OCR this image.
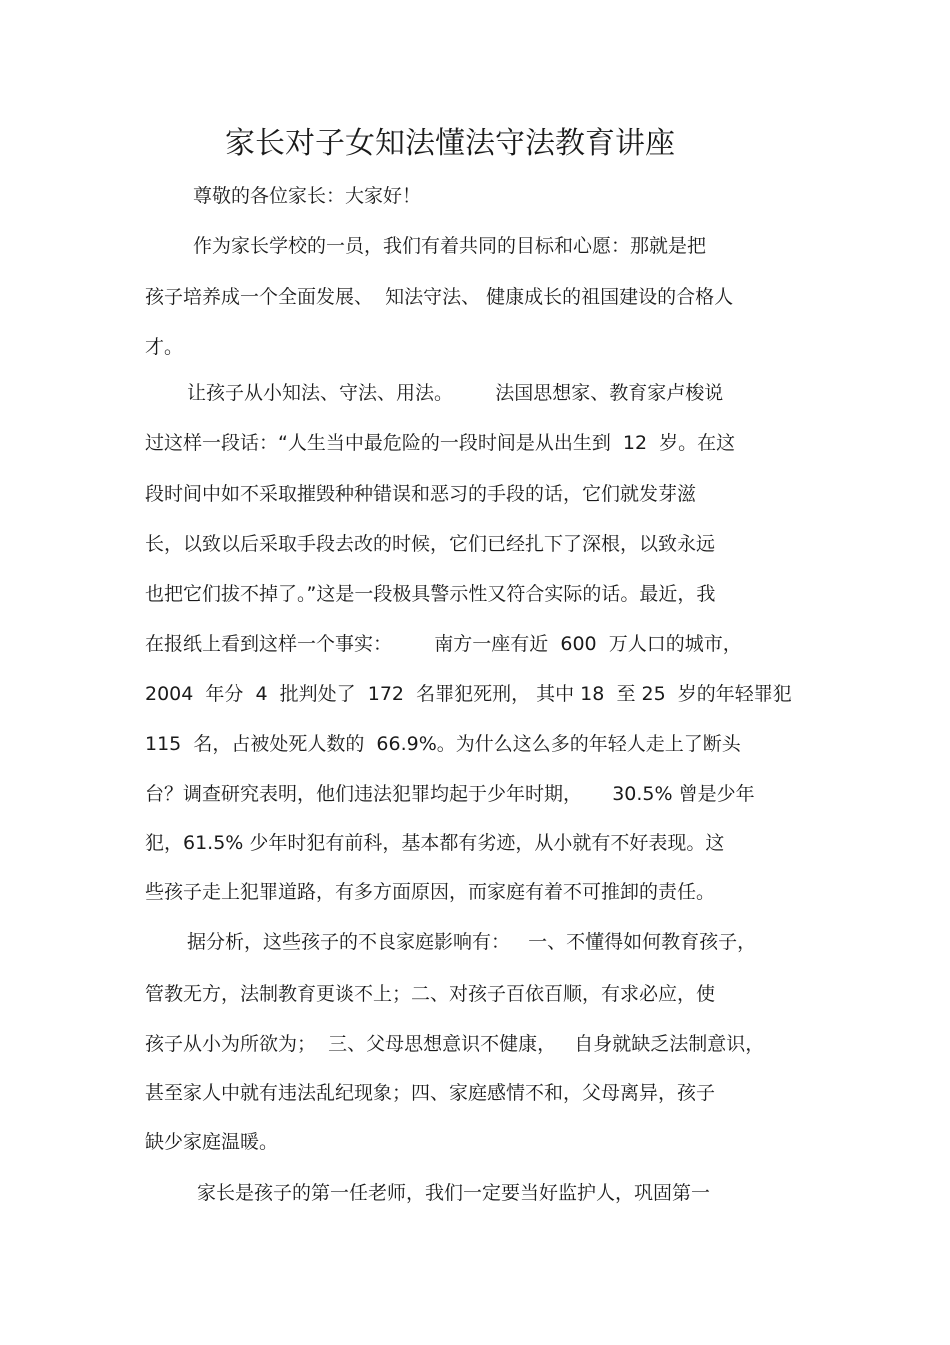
家长对子女知法懂法守法教育讲座
尊敬的各位家长：大家好！
作为家长学校的一员，我们有着共同的目标和心愿：那就是把
孩子培养成一个全面发展、  知法守法、 健康成长的祖国建设的合格人
才。
让孩子从小知法、守法、用法。       法国思想家、教育家卢梭说
过这样一段话：“人生当中最危险的一段时间是从出生到  12  岁。在这
段时间中如不采取摧毁种种错误和恶习的手段的话，它们就发芽滋
长，以致以后采取手段去改的时候，它们已经扎下了深根，以致永远
也把它们拔不掉了。”这是一段极具警示性又符合实际的话。最近，我
在报纸上看到这样一个事实：       南方一座有近  600  万人口的城市，
2004  年分  4  批判处了  172  名罪犯死刑， 其中 18  至 25  岁的年轻罪犯
115  名，占被处死人数的  66.9%。为什么这么多的年轻人走上了断头
台？调查研究表明，他们违法犯罪均起于少年时期，     30.5% 曾是少年
犯，61.5% 少年时犯有前科，基本都有劣迹，从小就有不好表现。这
些孩子走上犯罪道路，有多方面原因，而家庭有着不可推卸的责任。
据分析，这些孩子的不良家庭影响有：   一、不懂得如何教育孩子，
管教无方，法制教育更谈不上；二、对孩子百依百顺，有求必应，使
孩子从小为所欲为；  三、父母思想意识不健康，   自身就缺乏法制意识，
甚至家人中就有违法乱纪现象；四、家庭感情不和，父母离异，孩子
缺少家庭温暖。
家长是孩子的第一任老师，我们一定要当好监护人，巩固第一
